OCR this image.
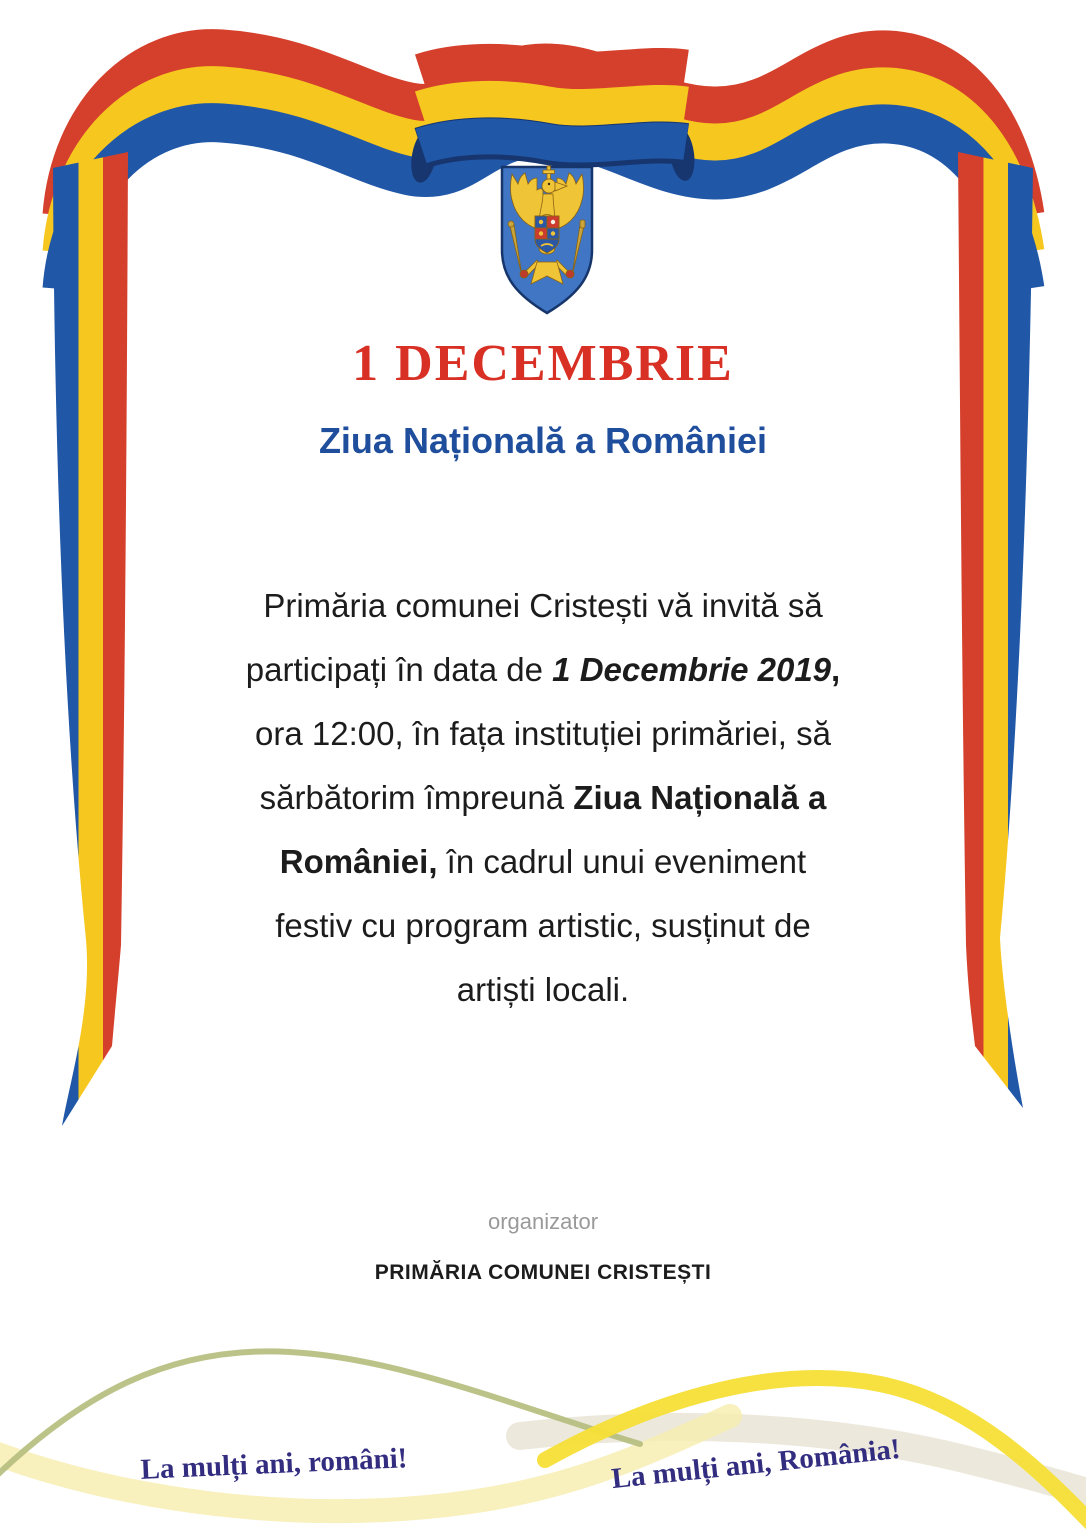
1 DECEMBRIE
Ziua Națională a României
Primăria comunei Cristești vă invită să
participați în data de 1 Decembrie 2019,
ora 12:00, în fața instituției primăriei, să
sărbătorim împreună Ziua Națională a
României, în cadrul unui eveniment
festiv cu program artistic, susținut de
artiști locali.
organizator
PRIMĂRIA COMUNEI CRISTEȘTI
La mulți ani, români!	La mulți ani, România!
